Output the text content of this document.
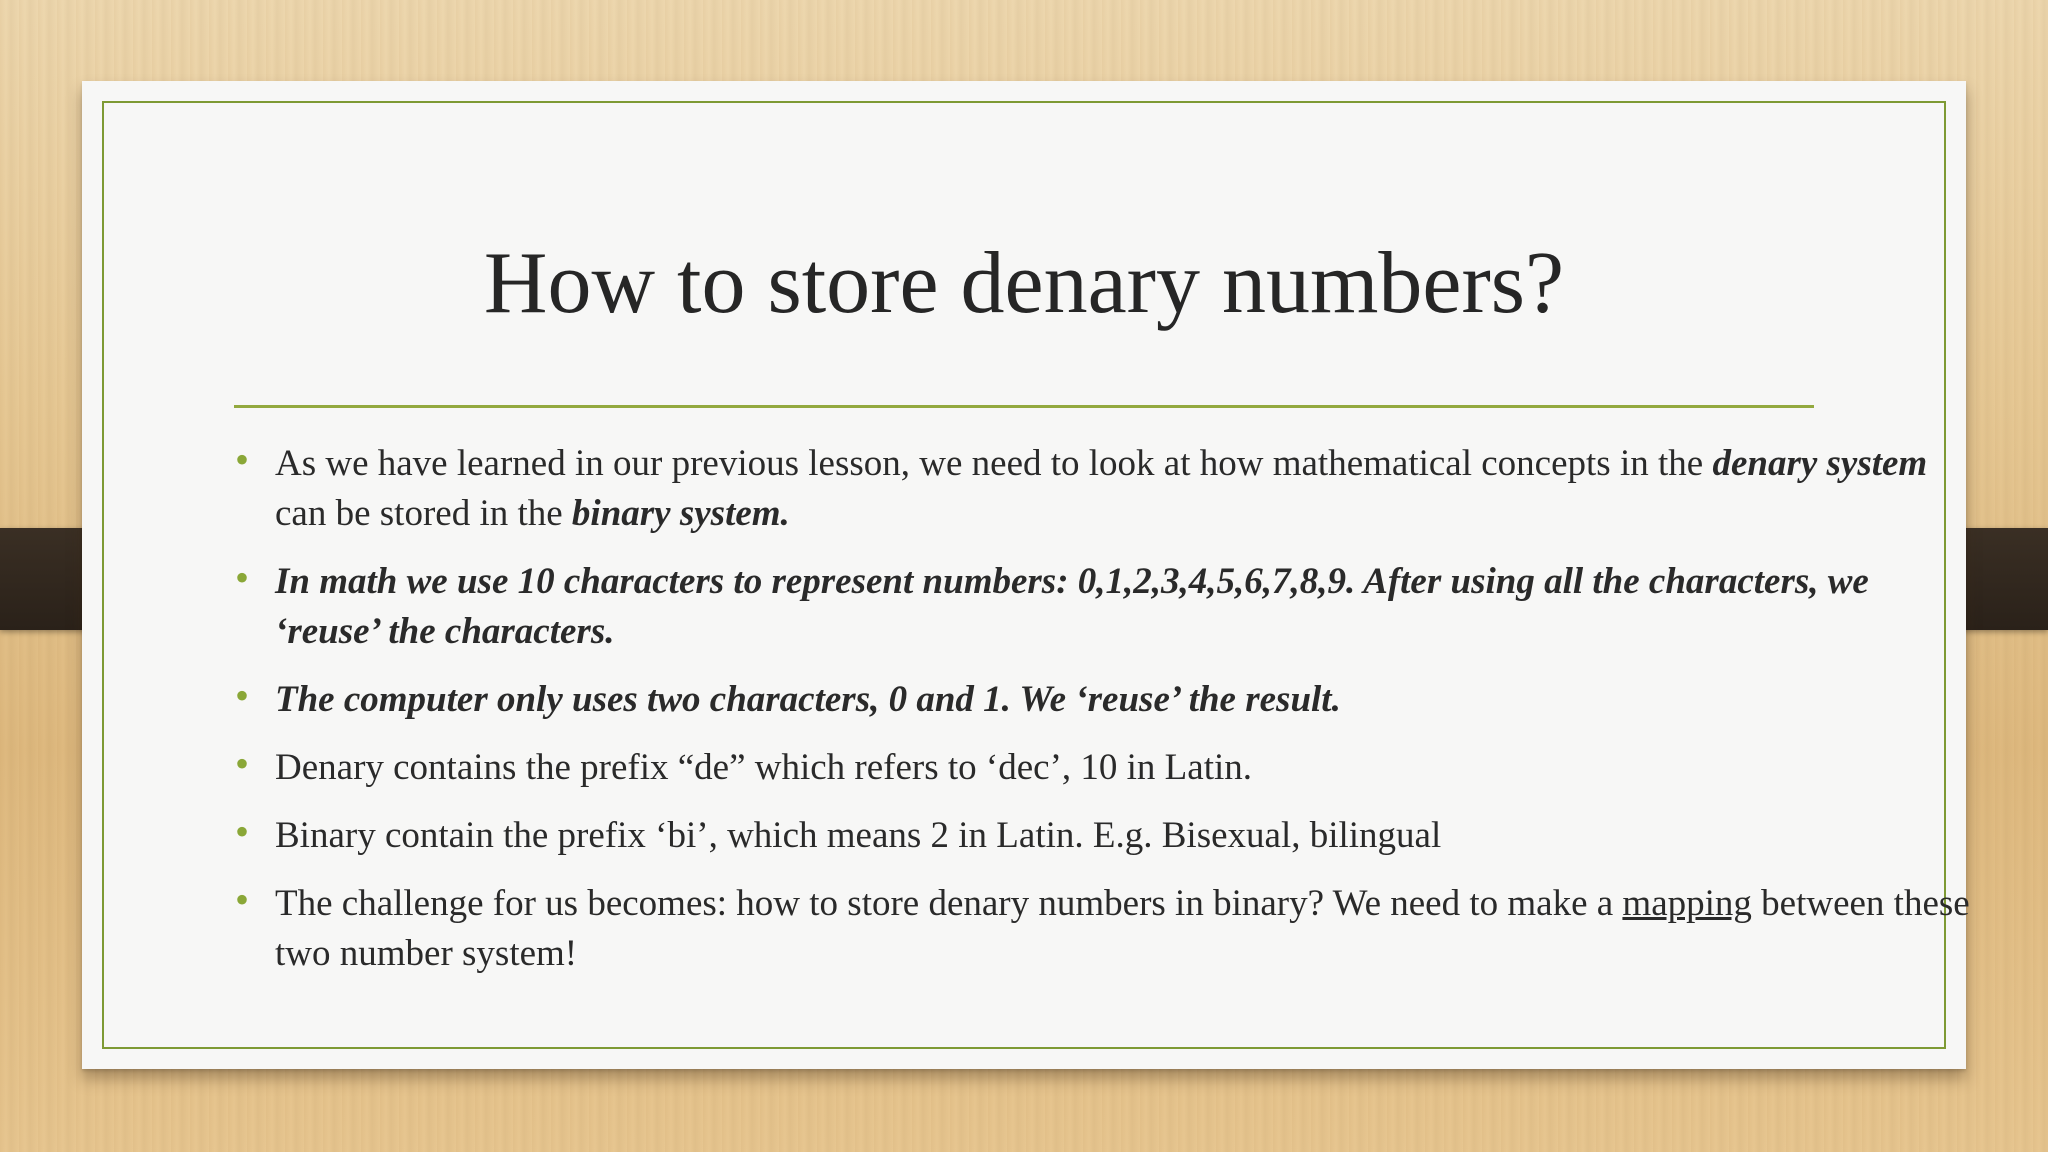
How to store denary numbers?
• As we have learned in our previous lesson, we need to look at how mathematical concepts in the denary system can be stored in the binary system.
• In math we use 10 characters to represent numbers: 0,1,2,3,4,5,6,7,8,9. After using all the characters, we ‘reuse’ the characters.
• The computer only uses two characters, 0 and 1. We ‘reuse’ the result.
• Denary contains the prefix “de” which refers to ‘dec’, 10 in Latin.
• Binary contain the prefix ‘bi’, which means 2 in Latin. E.g. Bisexual, bilingual
• The challenge for us becomes: how to store denary numbers in binary? We need to make a mapping between these two number system!
